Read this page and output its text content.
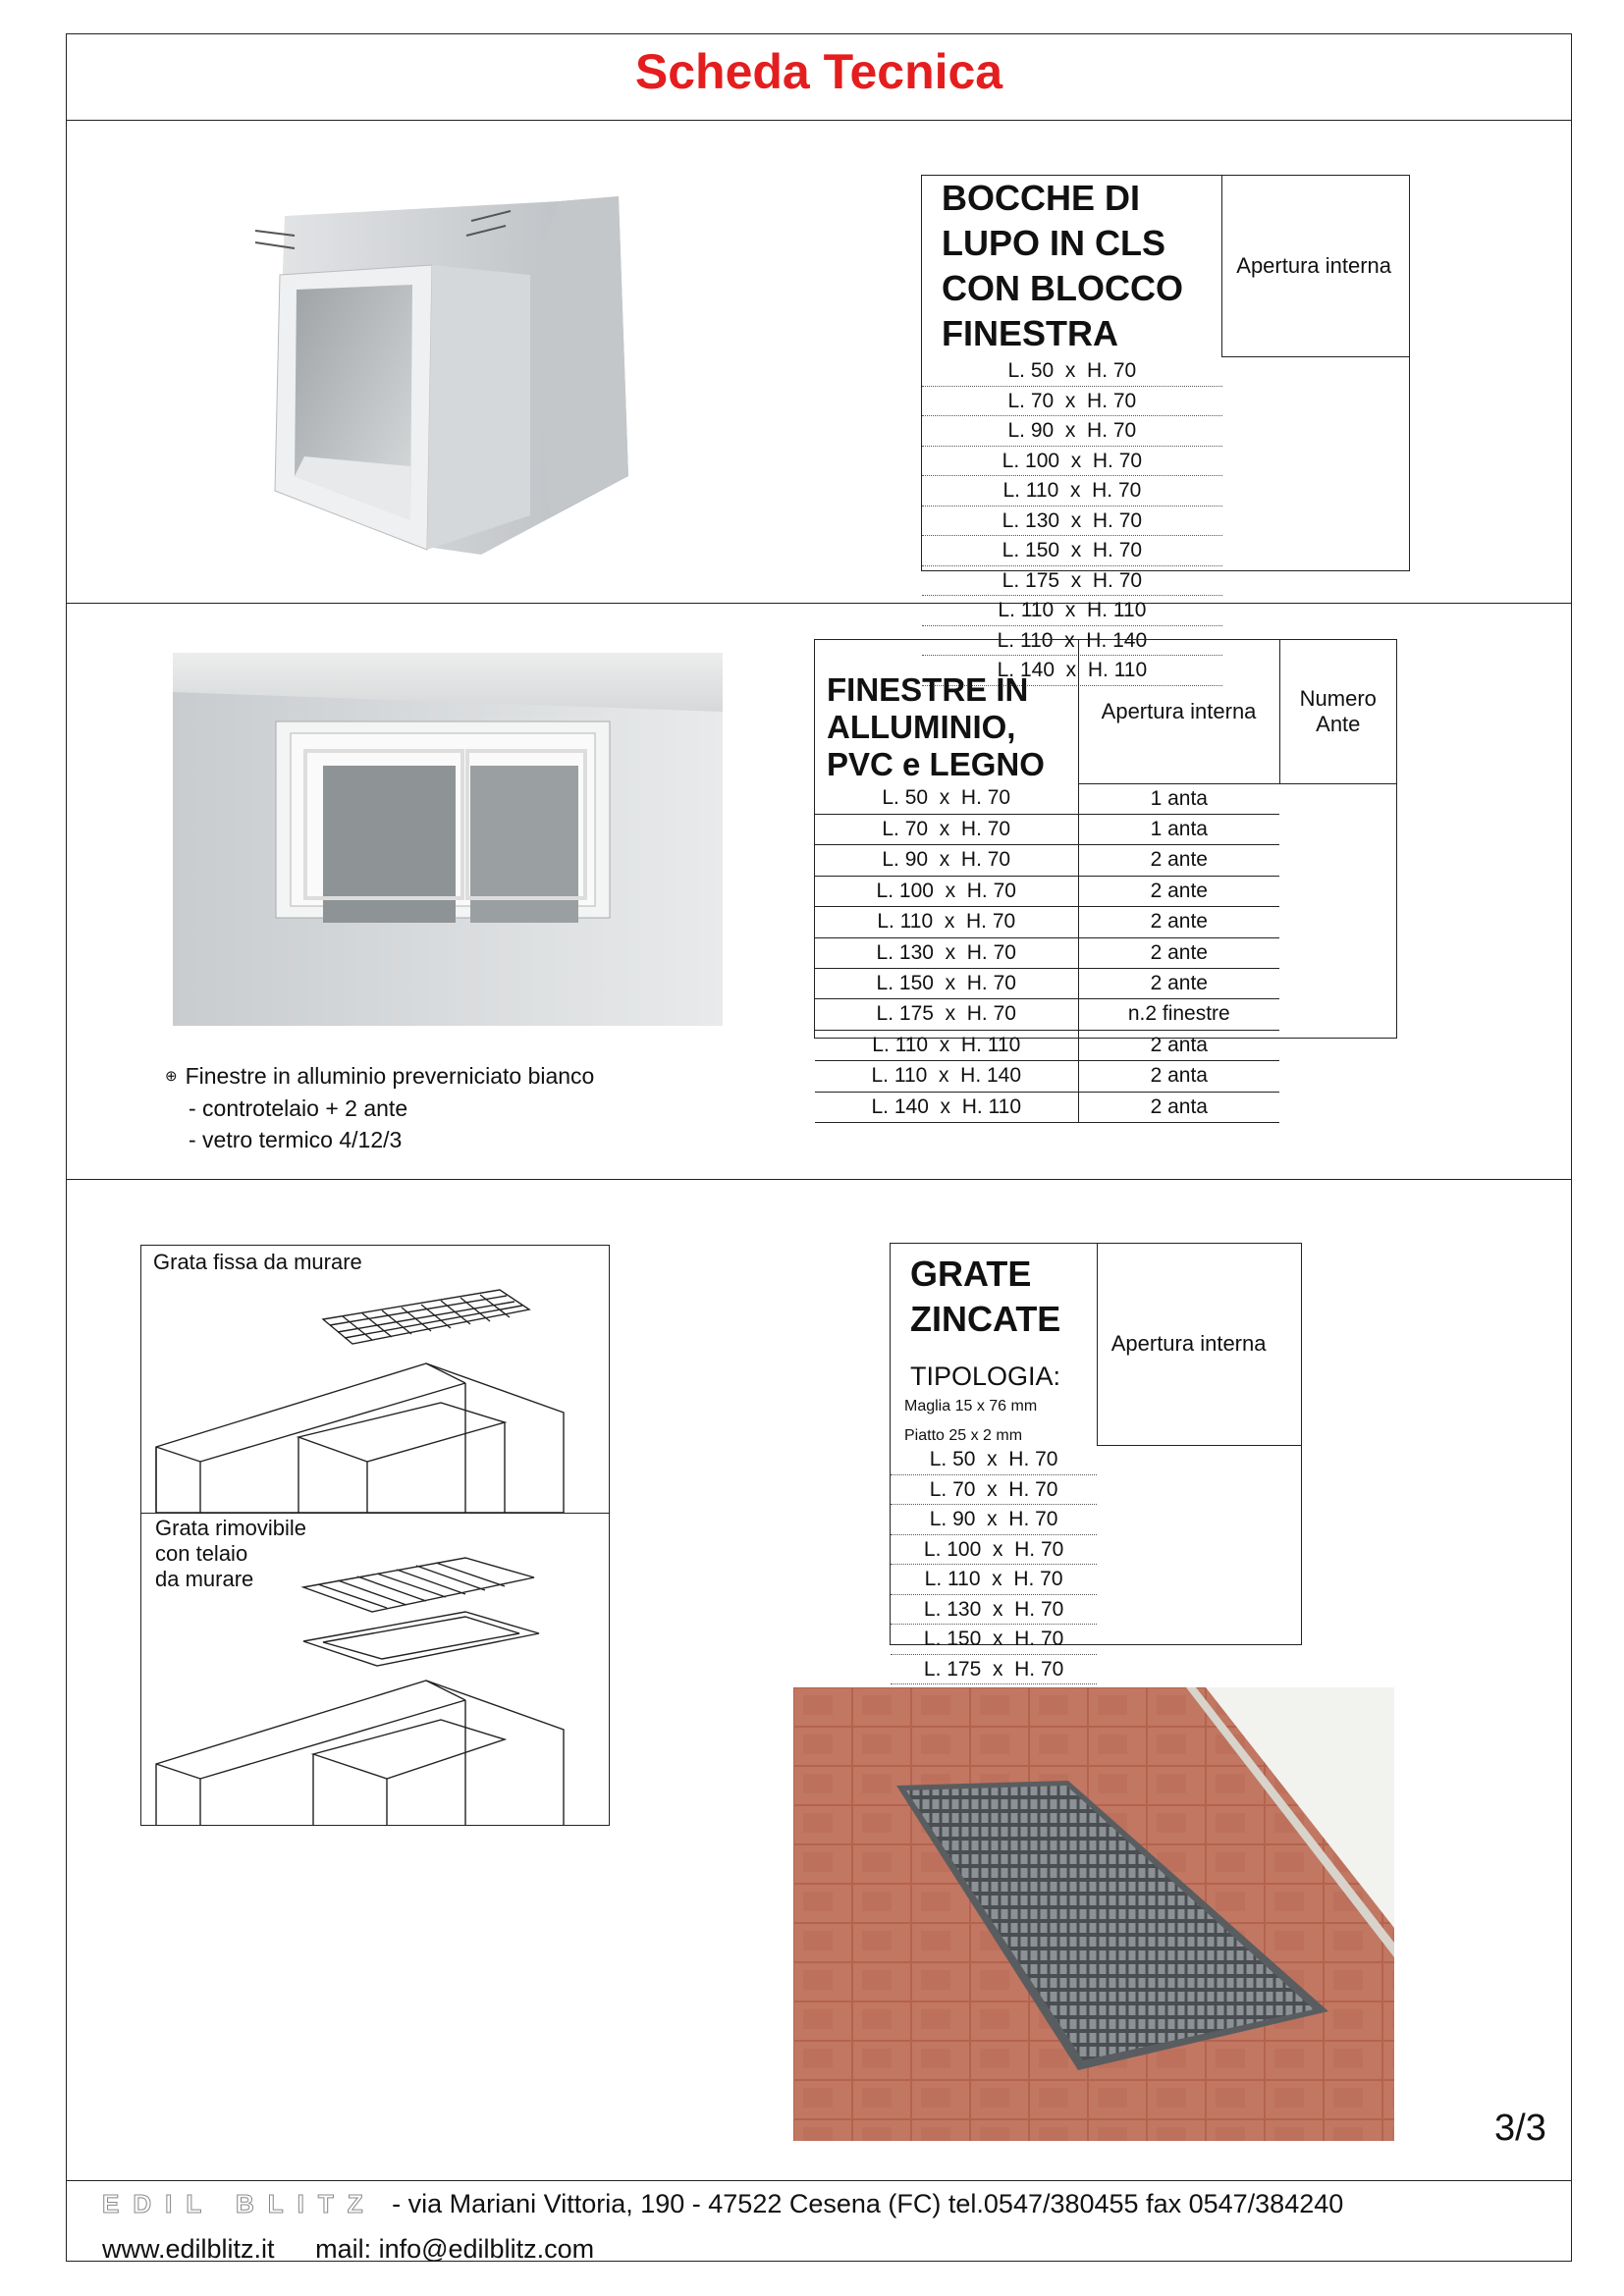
Scheda Tecnica
BOCCHE DI LUPO IN CLS CON BLOCCO FINESTRA
	Apertura interna
L. 50  x  H. 70
L. 70  x  H. 70
L. 90  x  H. 70
L. 100  x  H. 70
L. 110  x  H. 70
L. 130  x  H. 70
L. 150  x  H. 70
L. 175  x  H. 70
L. 110  x  H. 110
L. 110  x  H. 140
L. 140  x  H. 110
FINESTRE IN
ALLUMINIO,
PVC e LEGNO	Apertura interna	Numero Ante
L. 50  x  H. 70	1 anta	
L. 70  x  H. 70	1 anta	
L. 90  x  H. 70	2 ante	
L. 100  x  H. 70	2 ante	
L. 110  x  H. 70	2 ante	
L. 130  x  H. 70	2 ante	
L. 150  x  H. 70	2 ante	
L. 175  x  H. 70	n.2 finestre	
L. 110  x  H. 110	2 anta	
L. 110  x  H. 140	2 anta	
L. 140  x  H. 110	2 anta	
⊕ Finestre in alluminio preverniciato bianco
- controtelaio + 2 ante
- vetro termico 4/12/3
Grata fissa da murare
Grata rimovibile
con telaio
da murare
GRATE
ZINCATE
TIPOLOGIA:
Maglia 15 x 76 mm
Piatto 25 x 2 mm
	Apertura interna
L. 50  x  H. 70
L. 70  x  H. 70
L. 90  x  H. 70
L. 100  x  H. 70
L. 110  x  H. 70
L. 130  x  H. 70
L. 150  x  H. 70
L. 175  x  H. 70

3/3
EDIL BLITZ - via Mariani Vittoria, 190 - 47522 Cesena (FC) tel.0547/380455 fax 0547/384240
www.edilblitz.it mail: info@edilblitz.com
